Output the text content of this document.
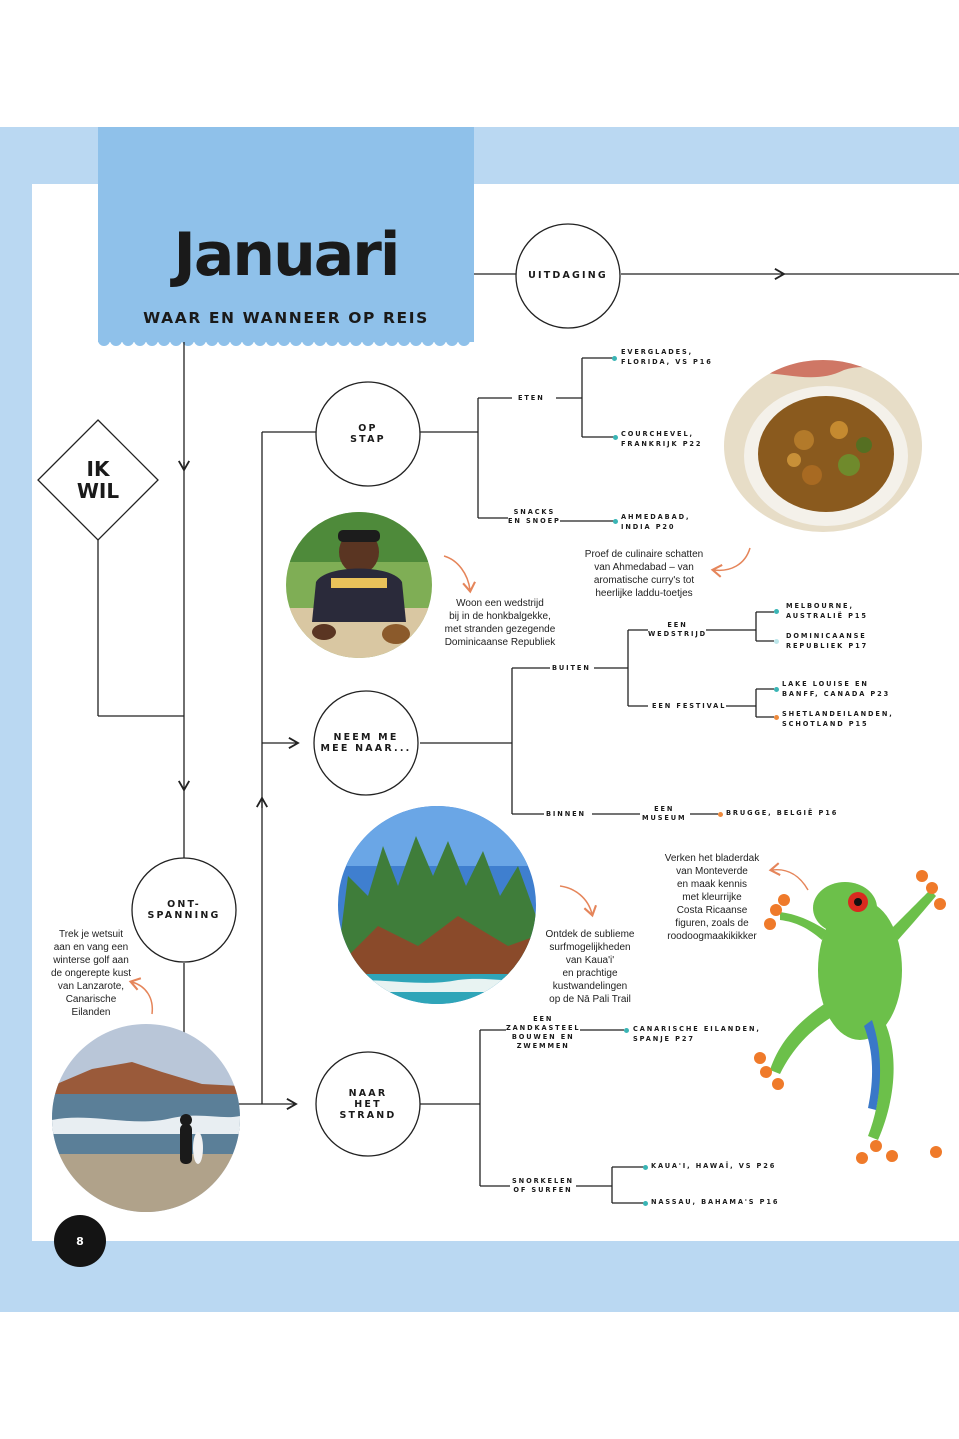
Januari
WAAR EN WANNEER OP REIS
IK
WIL
UITDAGING
OP
STAP
NEEM ME
MEE NAAR...
ONT-
SPANNING
NAAR
HET
STRAND
ETEN
SNACKS
EN SNOEP
BUITEN
BINNEN
EEN
WEDSTRIJD
EEN FESTIVAL
EEN
MUSEUM
EEN
ZANDKASTEEL
BOUWEN EN
ZWEMMEN
SNORKELEN
OF SURFEN
EVERGLADES,
FLORIDA, VS P16
COURCHEVEL,
FRANKRIJK P22
AHMEDABAD,
INDIA P20
MELBOURNE,
AUSTRALIË P15
DOMINICAANSE
REPUBLIEK P17
LAKE LOUISE EN
BANFF, CANADA P23
SHETLANDEILANDEN,
SCHOTLAND P15
BRUGGE, BELGIË P16
CANARISCHE EILANDEN,
SPANJE P27
KAUA'I, HAWAÏ, VS P26
NASSAU, BAHAMA'S P16
Proef de culinaire schatten
van Ahmedabad – van
aromatische curry's tot
heerlijke laddu-toetjes
Woon een wedstrijd
bij in de honkbalgekke,
met stranden gezegende
Dominicaanse Republiek
Ontdek de sublieme
surfmogelijkheden
van Kaua'i'
en prachtige
kustwandelingen
op de Nā Pali Trail
Verken het bladerdak
van Monteverde
en maak kennis
met kleurrijke
Costa Ricaanse
figuren, zoals de
roodoogmaakikikker
Trek je wetsuit
aan en vang een
winterse golf aan
de ongerepte kust
van Lanzarote,
Canarische
Eilanden
8
